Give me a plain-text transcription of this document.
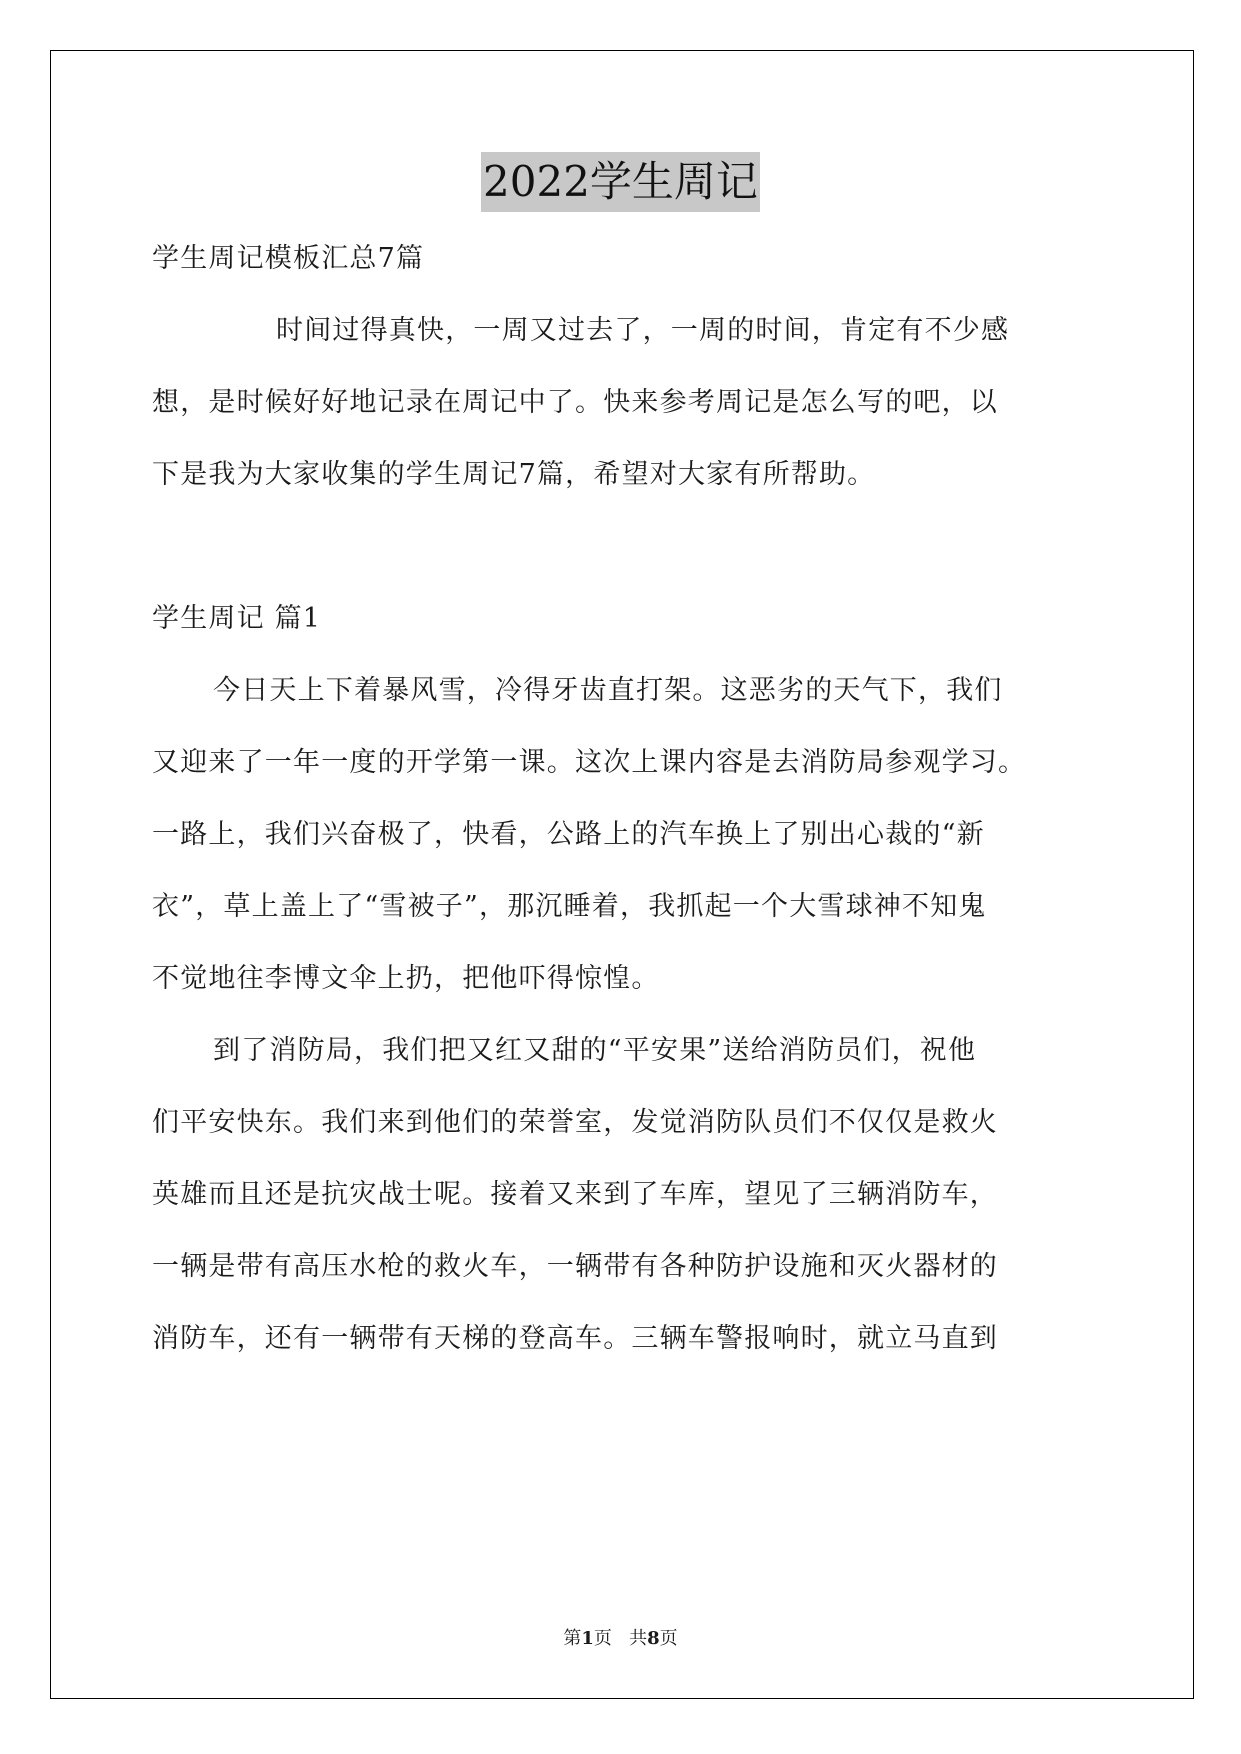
2022学生周记
学生周记模板汇总7篇
时间过得真快，一周又过去了，一周的时间，肯定有不少感
想，是时候好好地记录在周记中了。快来参考周记是怎么写的吧，以
下是我为大家收集的学生周记7篇，希望对大家有所帮助。
学生周记 篇1
今日天上下着暴风雪，冷得牙齿直打架。这恶劣的天气下，我们
又迎来了一年一度的开学第一课。这次上课内容是去消防局参观学习。
一路上，我们兴奋极了，快看，公路上的汽车换上了别出心裁的“新
衣”，草上盖上了“雪被子”，那沉睡着，我抓起一个大雪球神不知鬼
不觉地往李博文伞上扔，把他吓得惊惶。
到了消防局，我们把又红又甜的“平安果”送给消防员们，祝他
们平安快东。我们来到他们的荣誉室，发觉消防队员们不仅仅是救火
英雄而且还是抗灾战士呢。接着又来到了车库，望见了三辆消防车，
一辆是带有高压水枪的救火车，一辆带有各种防护设施和灭火器材的
消防车，还有一辆带有天梯的登高车。三辆车警报响时，就立马直到
第1页 共8页
